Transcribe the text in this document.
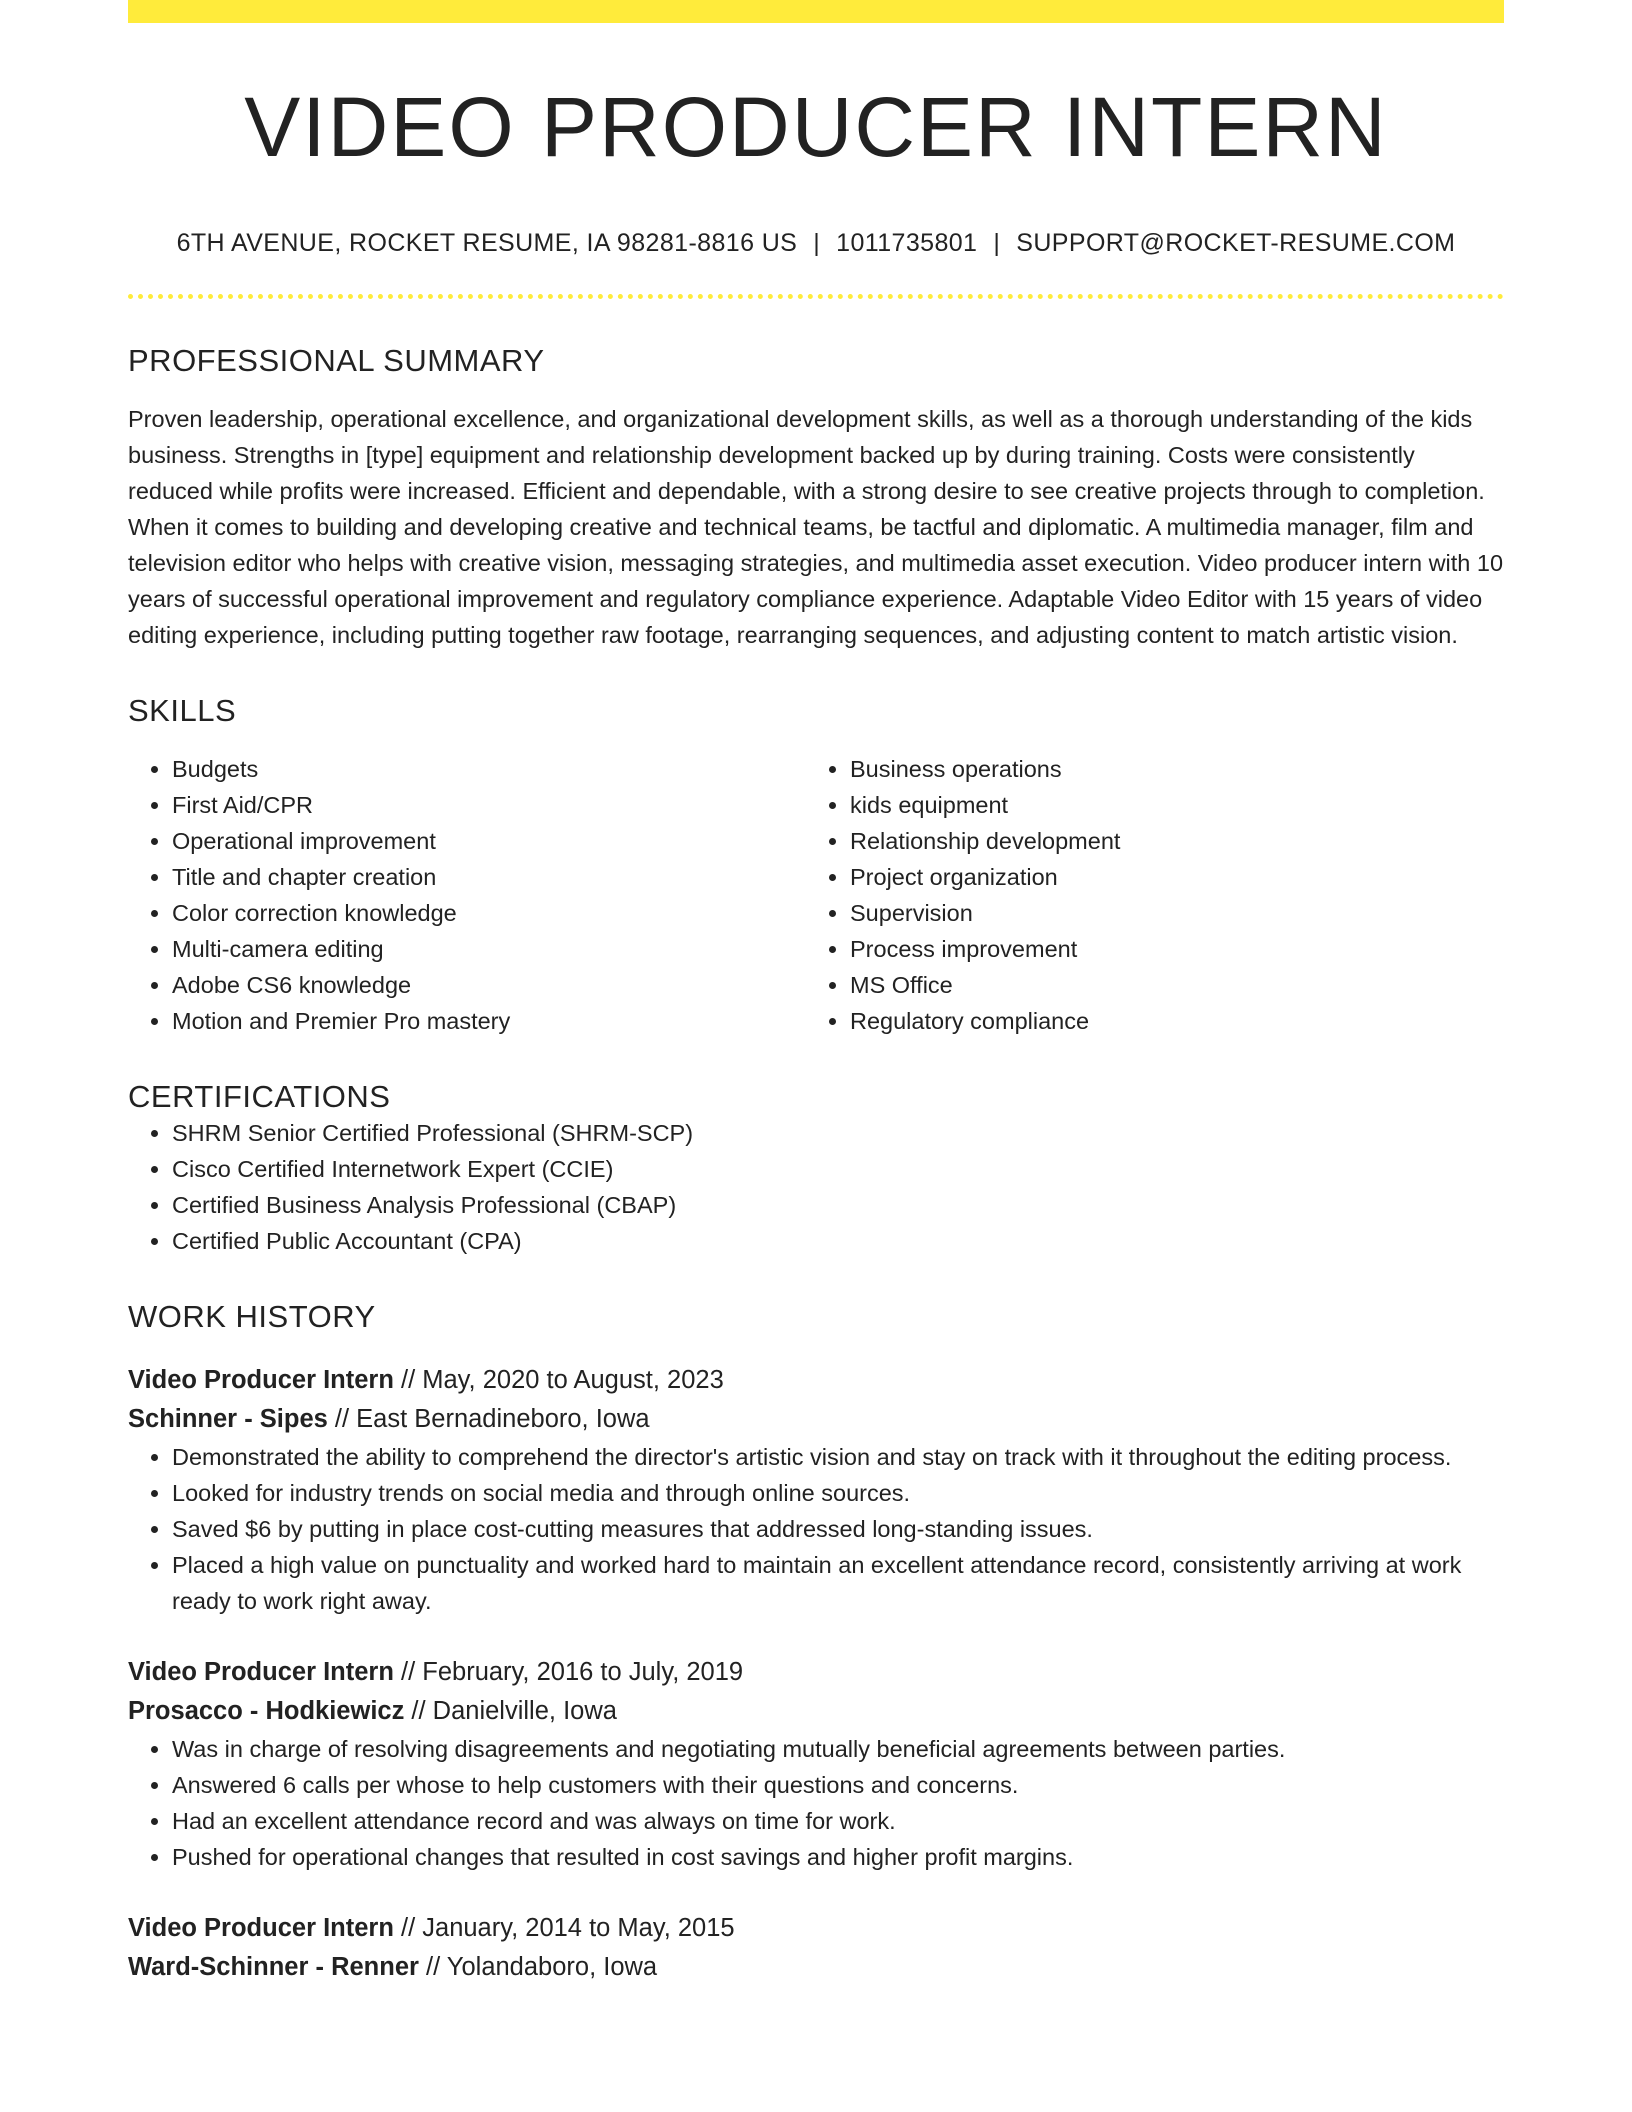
VIDEO PRODUCER INTERN
6TH AVENUE, ROCKET RESUME, IA 98281-8816 US | 1011735801 | SUPPORT@ROCKET-RESUME.COM
PROFESSIONAL SUMMARY

Proven leadership, operational excellence, and organizational development skills, as well as a thorough understanding of the kids business. Strengths in [type] equipment and relationship development backed up by during training. Costs were consistently reduced while profits were increased. Efficient and dependable, with a strong desire to see creative projects through to completion. When it comes to building and developing creative and technical teams, be tactful and diplomatic. A multimedia manager, film and television editor who helps with creative vision, messaging strategies, and multimedia asset execution. Video producer intern with 10 years of successful operational improvement and regulatory compliance experience. Adaptable Video Editor with 15 years of video editing experience, including putting together raw footage, rearranging sequences, and adjusting content to match artistic vision.

SKILLS
• Budgets
• First Aid/CPR
• Operational improvement
• Title and chapter creation
• Color correction knowledge
• Multi-camera editing
• Adobe CS6 knowledge
• Motion and Premier Pro mastery
• Business operations
• kids equipment
• Relationship development
• Project organization
• Supervision
• Process improvement
• MS Office
• Regulatory compliance
CERTIFICATIONS
• SHRM Senior Certified Professional (SHRM-SCP)
• Cisco Certified Internetwork Expert (CCIE)
• Certified Business Analysis Professional (CBAP)
• Certified Public Accountant (CPA)
WORK HISTORY
Video Producer Intern // May, 2020 to August, 2023
Schinner - Sipes // East Bernadineboro, Iowa
• Demonstrated the ability to comprehend the director's artistic vision and stay on track with it throughout the editing process.
• Looked for industry trends on social media and through online sources.
• Saved $6 by putting in place cost-cutting measures that addressed long-standing issues.
• Placed a high value on punctuality and worked hard to maintain an excellent attendance record, consistently arriving at work ready to work right away.
Video Producer Intern // February, 2016 to July, 2019
Prosacco - Hodkiewicz // Danielville, Iowa
• Was in charge of resolving disagreements and negotiating mutually beneficial agreements between parties.
• Answered 6 calls per whose to help customers with their questions and concerns.
• Had an excellent attendance record and was always on time for work.
• Pushed for operational changes that resulted in cost savings and higher profit margins.
Video Producer Intern // January, 2014 to May, 2015
Ward-Schinner - Renner // Yolandaboro, Iowa
